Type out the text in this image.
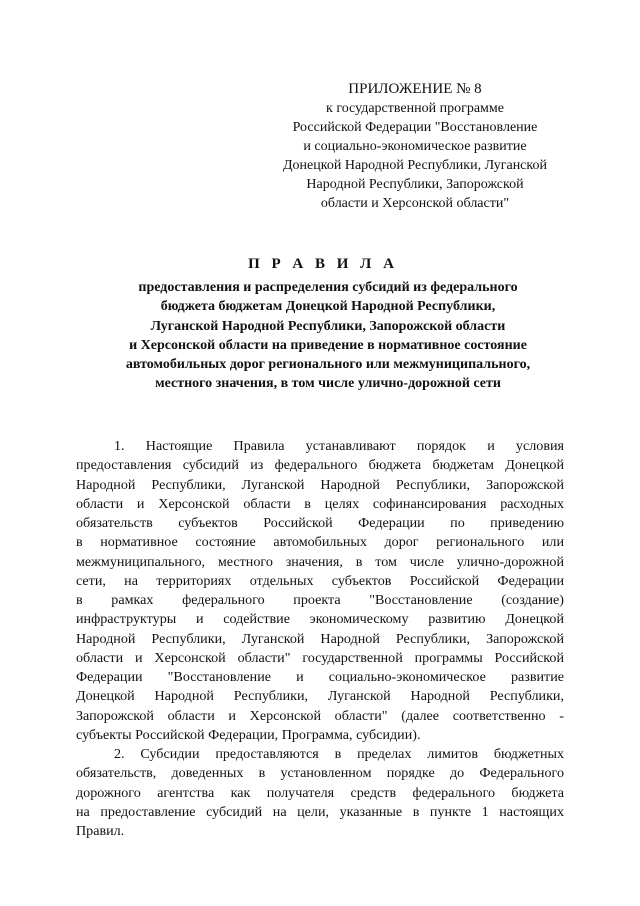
ПРИЛОЖЕНИЕ № 8
к государственной программе
Российской Федерации "Восстановление
и социально-экономическое развитие
Донецкой Народной Республики, Луганской
Народной Республики, Запорожской
области и Херсонской области"
П Р А В И Л А
предоставления и распределения субсидий из федерального
бюджета бюджетам Донецкой Народной Республики,
Луганской Народной Республики, Запорожской области
и Херсонской области на приведение в нормативное состояние
автомобильных дорог регионального или межмуниципального,
местного значения, в том числе улично-дорожной сети
1. Настоящие Правила устанавливают порядок и условия
предоставления субсидий из федерального бюджета бюджетам Донецкой
Народной Республики, Луганской Народной Республики, Запорожской
области и Херсонской области в целях софинансирования расходных
обязательств субъектов Российской Федерации по приведению
в нормативное состояние автомобильных дорог регионального или
межмуниципального, местного значения, в том числе улично-дорожной
сети, на территориях отдельных субъектов Российской Федерации
в рамках федерального проекта "Восстановление (создание)
инфраструктуры и содействие экономическому развитию Донецкой
Народной Республики, Луганской Народной Республики, Запорожской
области и Херсонской области" государственной программы Российской
Федерации "Восстановление и социально-экономическое развитие
Донецкой Народной Республики, Луганской Народной Республики,
Запорожской области и Херсонской области" (далее соответственно -
субъекты Российской Федерации, Программа, субсидии).
2. Субсидии предоставляются в пределах лимитов бюджетных
обязательств, доведенных в установленном порядке до Федерального
дорожного агентства как получателя средств федерального бюджета
на предоставление субсидий на цели, указанные в пункте 1 настоящих
Правил.
